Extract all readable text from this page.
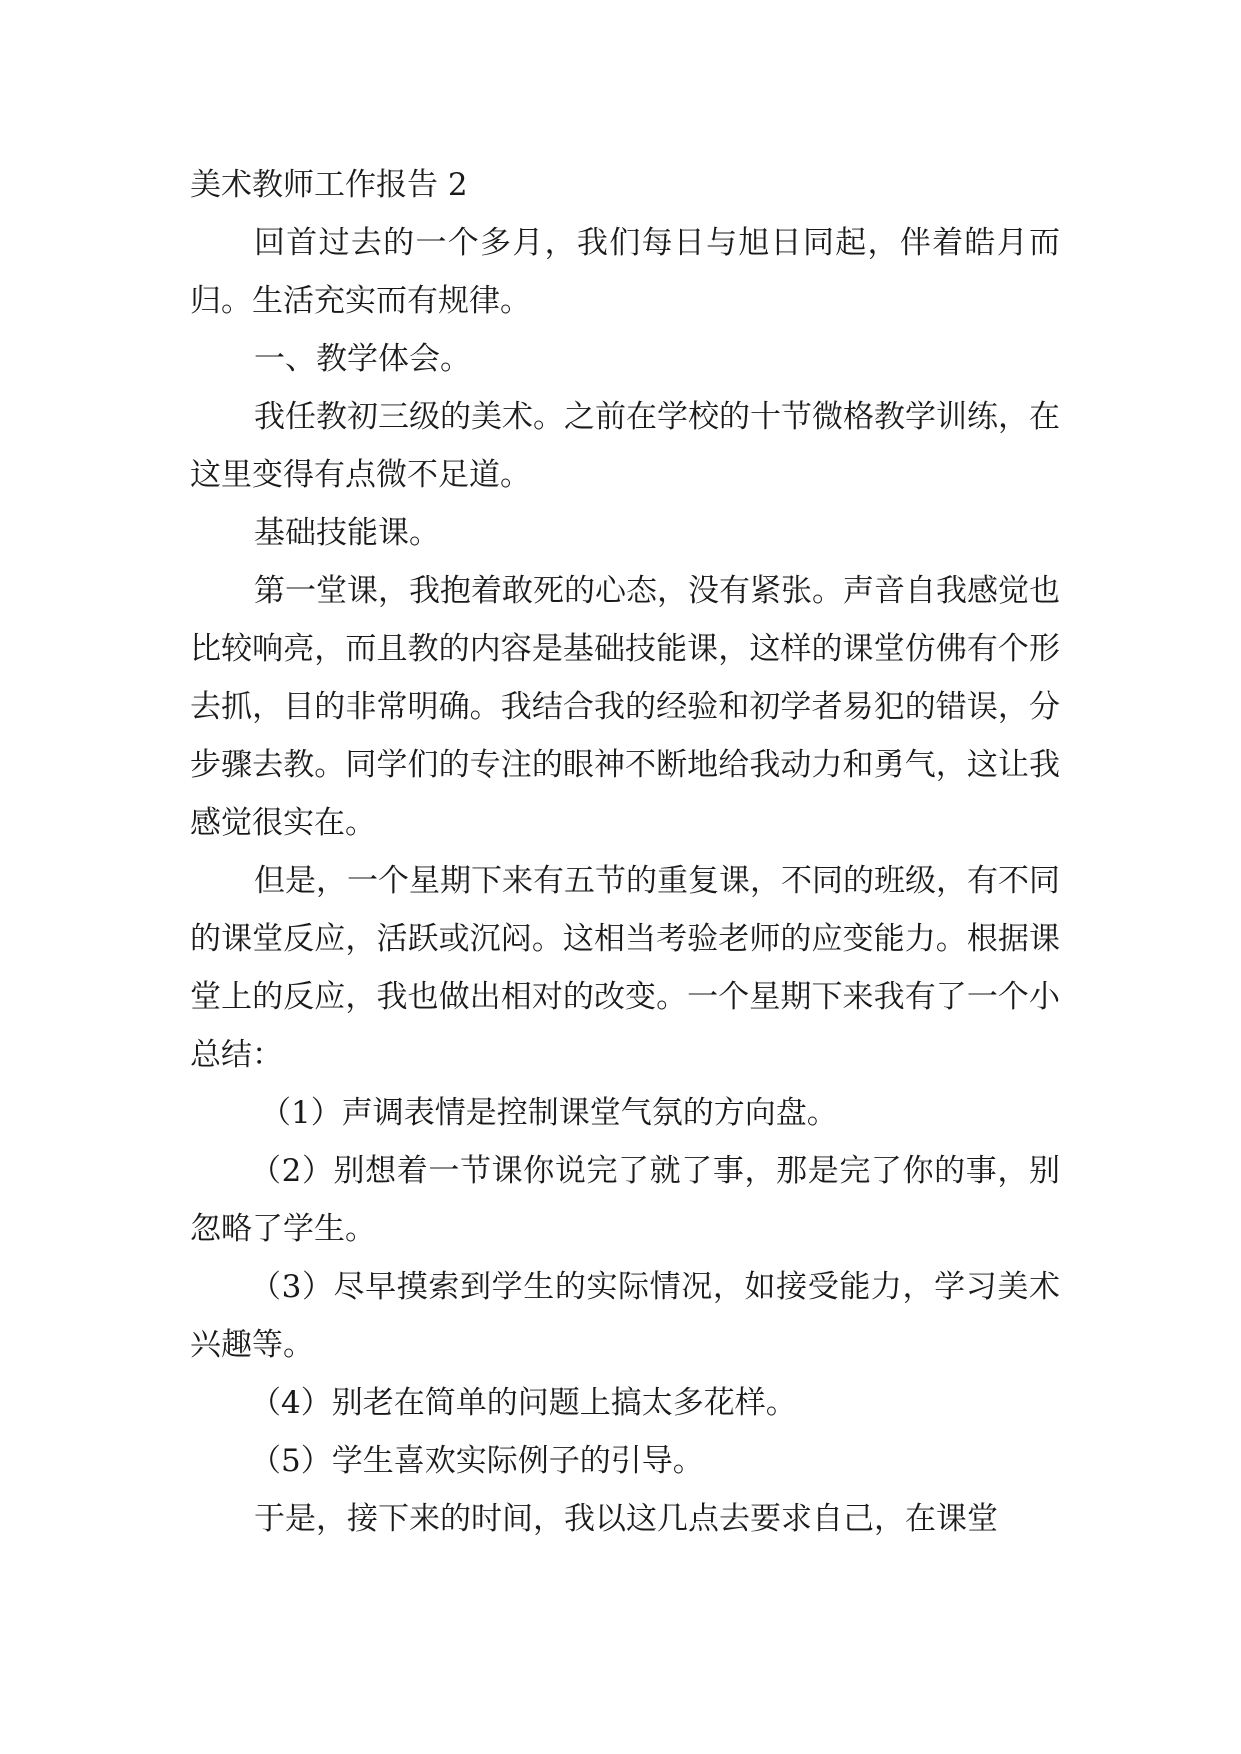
美术教师工作报告 2

回首过去的一个多月，我们每日与旭日同起，伴着皓月而归。生活充实而有规律。

一、教学体会。

我任教初三级的美术。之前在学校的十节微格教学训练，在这里变得有点微不足道。

基础技能课。

第一堂课，我抱着敢死的心态，没有紧张。声音自我感觉也比较响亮，而且教的内容是基础技能课，这样的课堂仿佛有个形去抓，目的非常明确。我结合我的经验和初学者易犯的错误，分步骤去教。同学们的专注的眼神不断地给我动力和勇气，这让我感觉很实在。

但是，一个星期下来有五节的重复课，不同的班级，有不同的课堂反应，活跃或沉闷。这相当考验老师的应变能力。根据课堂上的反应，我也做出相对的改变。一个星期下来我有了一个小总结：

（1）声调表情是控制课堂气氛的方向盘。

（2）别想着一节课你说完了就了事，那是完了你的事，别忽略了学生。

（3）尽早摸索到学生的实际情况，如接受能力，学习美术兴趣等。

（4）别老在简单的问题上搞太多花样。

（5）学生喜欢实际例子的引导。

于是，接下来的时间，我以这几点去要求自己，在课堂
